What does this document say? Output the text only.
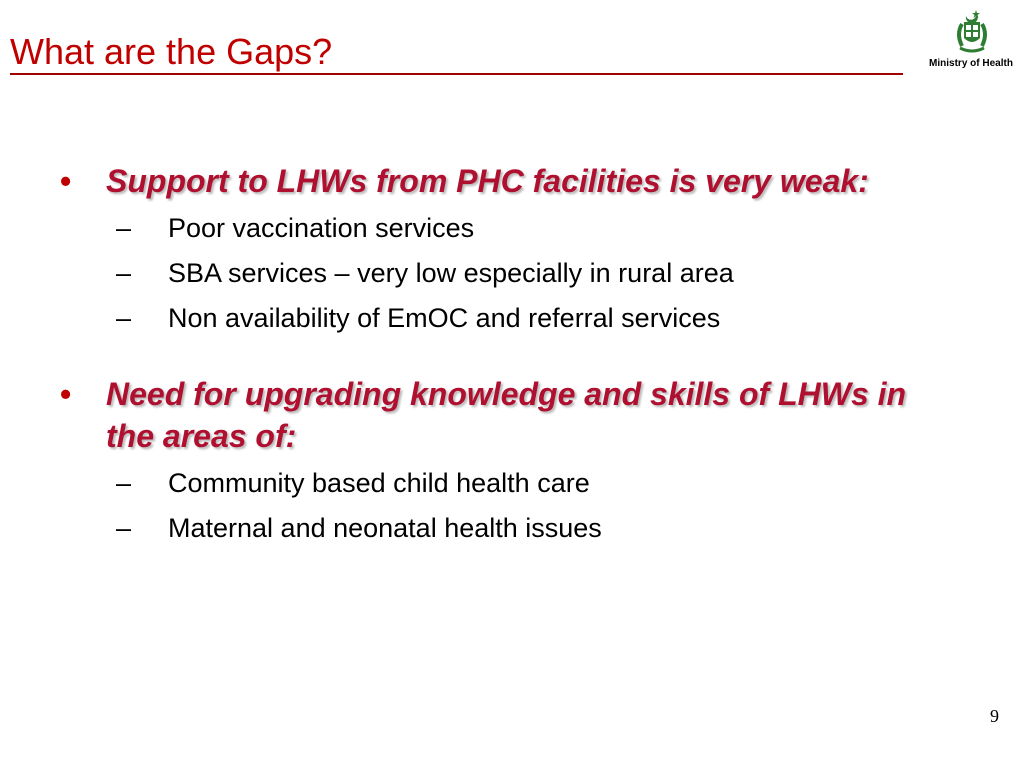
What are the Gaps?	Ministry of Health
• Support to LHWs from PHC facilities is very weak:
– Poor vaccination services
– SBA services – very low especially in rural area
– Non availability of EmOC and referral services
• Need for upgrading knowledge and skills of LHWs in the areas of:
– Community based child health care
– Maternal and neonatal health issues
9
